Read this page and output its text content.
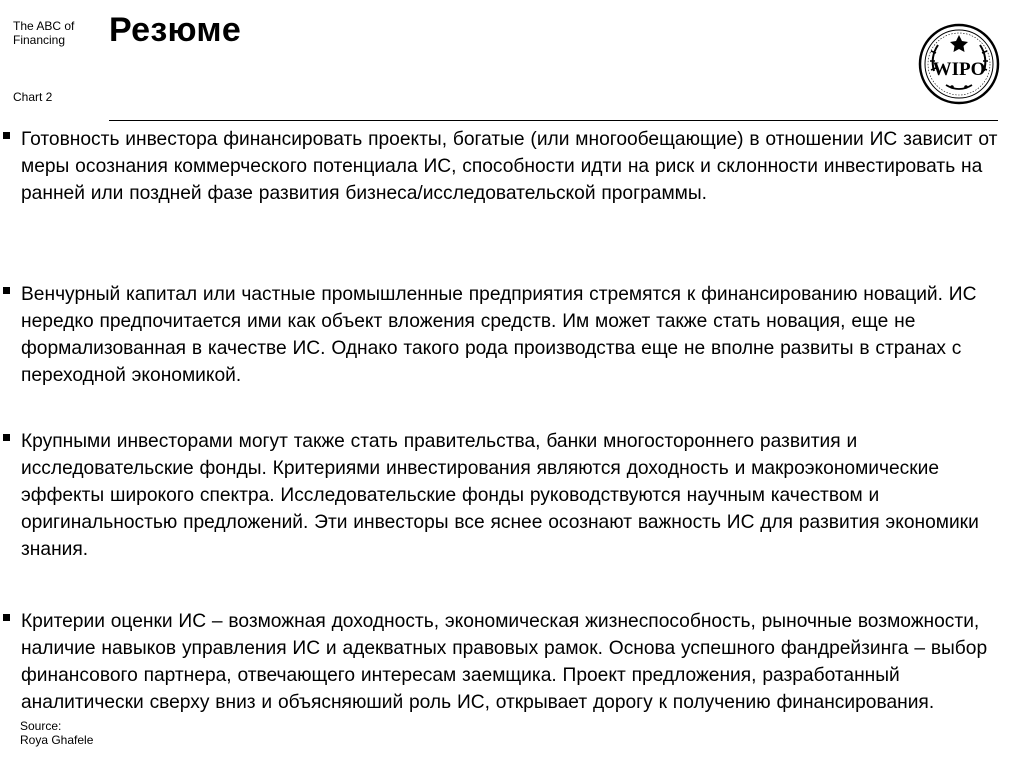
The ABC of Financing
Chart 2
Резюме
WIPO
Готовность инвестора финансировать проекты, богатые (или многообещающие) в отношении ИС зависит от меры осознания коммерческого потенциала ИС, способности идти на риск и склонности инвестировать на ранней или поздней фазе развития бизнеса/исследовательской программы.
Венчурный капитал или частные промышленные предприятия стремятся к финансированию новаций. ИС нередко предпочитается ими как объект вложения средств. Им может также стать новация, еще не формализованная в качестве ИС. Однако такого рода производства еще не вполне развиты в странах с переходной экономикой.
Крупными инвесторами могут также стать правительства, банки многостороннего развития и исследовательские фонды. Критериями инвестирования являются доходность и макроэкономические эффекты широкого спектра. Исследовательские фонды руководствуются научным качеством и оригинальностью предложений. Эти инвесторы все яснее осознают важность ИС для развития экономики знания.
Критерии оценки ИС – возможная доходность, экономическая жизнеспособность, рыночные возможности, наличие навыков управления ИС и адекватных правовых рамок. Основа успешного фандрейзинга – выбор финансового партнера, отвечающего интересам заемщика. Проект предложения, разработанный аналитически сверху вниз и объясняюший роль ИС, открывает дорогу к получению финансирования.
Source:
Roya Ghafele
